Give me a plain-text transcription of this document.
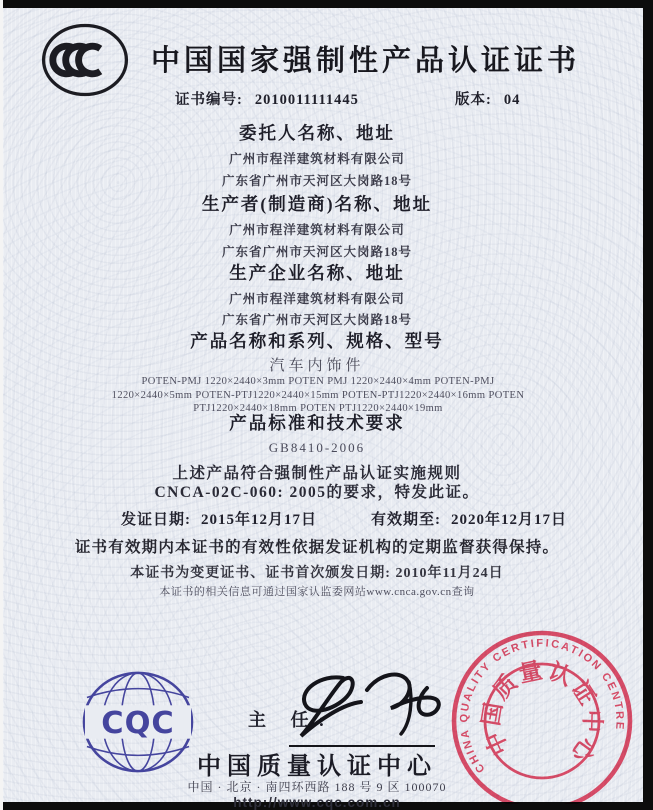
中国国家强制性产品认证证书
证书编号: 2010011111445	版本: 04
委托人名称、地址
广州市程洋建筑材料有限公司
广东省广州市天河区大岗路18号
生产者(制造商)名称、地址
广州市程洋建筑材料有限公司
广东省广州市天河区大岗路18号
生产企业名称、地址
广州市程洋建筑材料有限公司
广东省广州市天河区大岗路18号
产品名称和系列、规格、型号
汽车内饰件
POTEN-PMJ 1220×2440×3mm POTEN PMJ 1220×2440×4mm POTEN-PMJ
1220×2440×5mm POTEN-PTJ1220×2440×15mm POTEN-PTJ1220×2440×16mm POTEN
PTJ1220×2440×18mm POTEN PTJ1220×2440×19mm
产品标准和技术要求
GB8410-2006
上述产品符合强制性产品认证实施规则
CNCA-02C-060: 2005的要求，特发此证。
发证日期: 2015年12月17日	有效期至: 2020年12月17日
证书有效期内本证书的有效性依据发证机构的定期监督获得保持。
本证书为变更证书、证书首次颁发日期: 2010年11月24日
本证书的相关信息可通过国家认监委网站www.cnca.gov.cn查询
CQC	主 任:
CHINA QUALITY CERTIFICATION CENTRE
中国质量认证中心
中国质量认证中心
中国 · 北京 · 南四环西路 188 号 9 区 100070
http://www.cqc.com.cn
